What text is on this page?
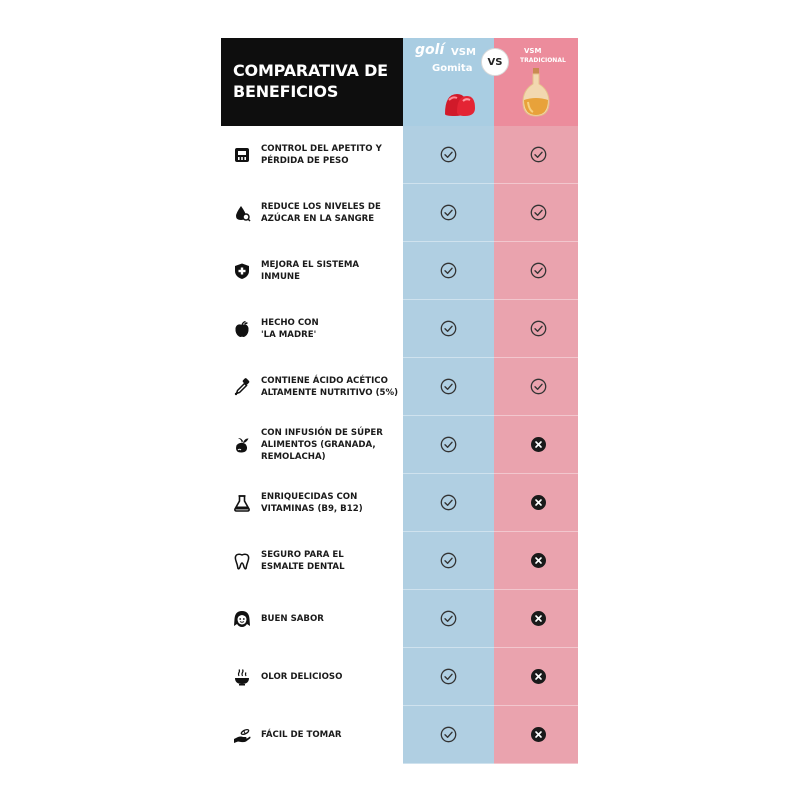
COMPARATIVA DE
BENEFICIOS
golí VSM
Gomita
VS
VSM
TRADICIONAL
CONTROL DEL APETITO Y
PÉRDIDA DE PESO
REDUCE LOS NIVELES DE
AZÚCAR EN LA SANGRE
MEJORA EL SISTEMA
INMUNE
HECHO CON
'LA MADRE'
CONTIENE ÁCIDO ACÉTICO
ALTAMENTE NUTRITIVO (5%)
CON INFUSIÓN DE SÚPER
ALIMENTOS (GRANADA,
REMOLACHA)
ENRIQUECIDAS CON
VITAMINAS (B9, B12)
SEGURO PARA EL
ESMALTE DENTAL
BUEN SABOR
OLOR DELICIOSO
FÁCIL DE TOMAR
